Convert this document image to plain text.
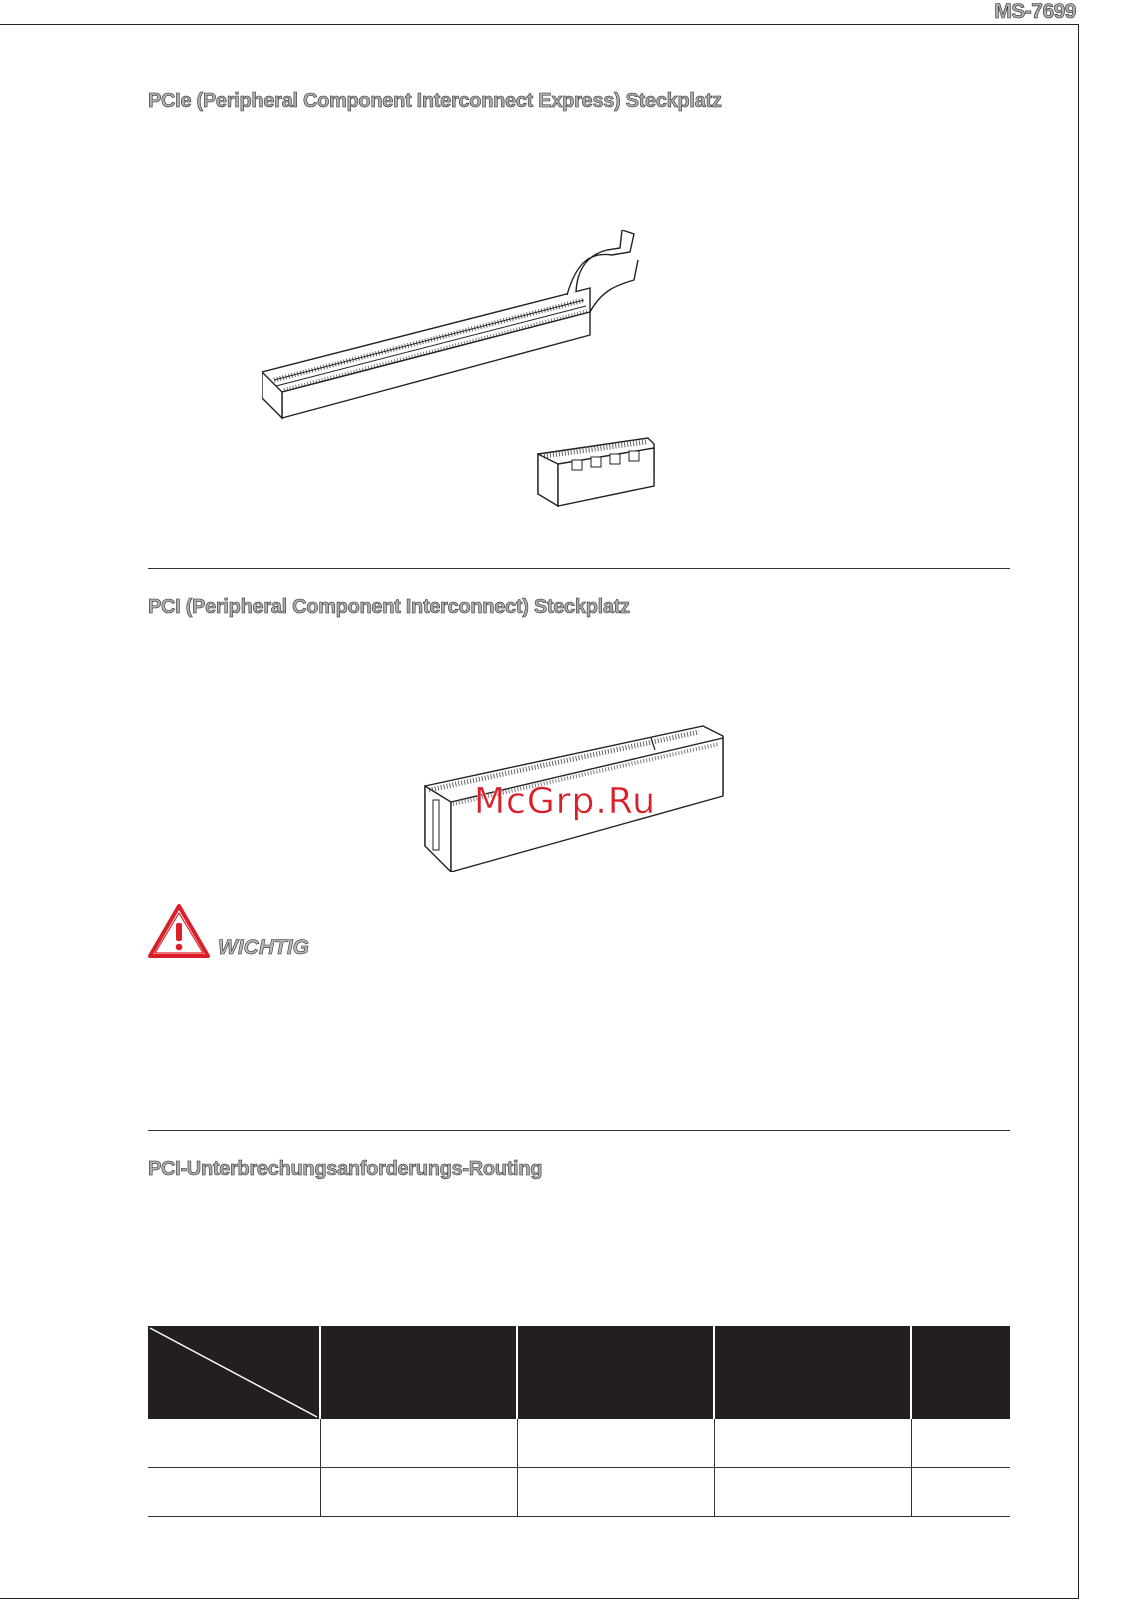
MS-7699
PCIe (Peripheral Component Interconnect Express) Steckplatz
PCI (Peripheral Component Interconnect) Steckplatz
McGrp.Ru
WICHTIG
PCI-Unterbrechungsanforderungs-Routing
